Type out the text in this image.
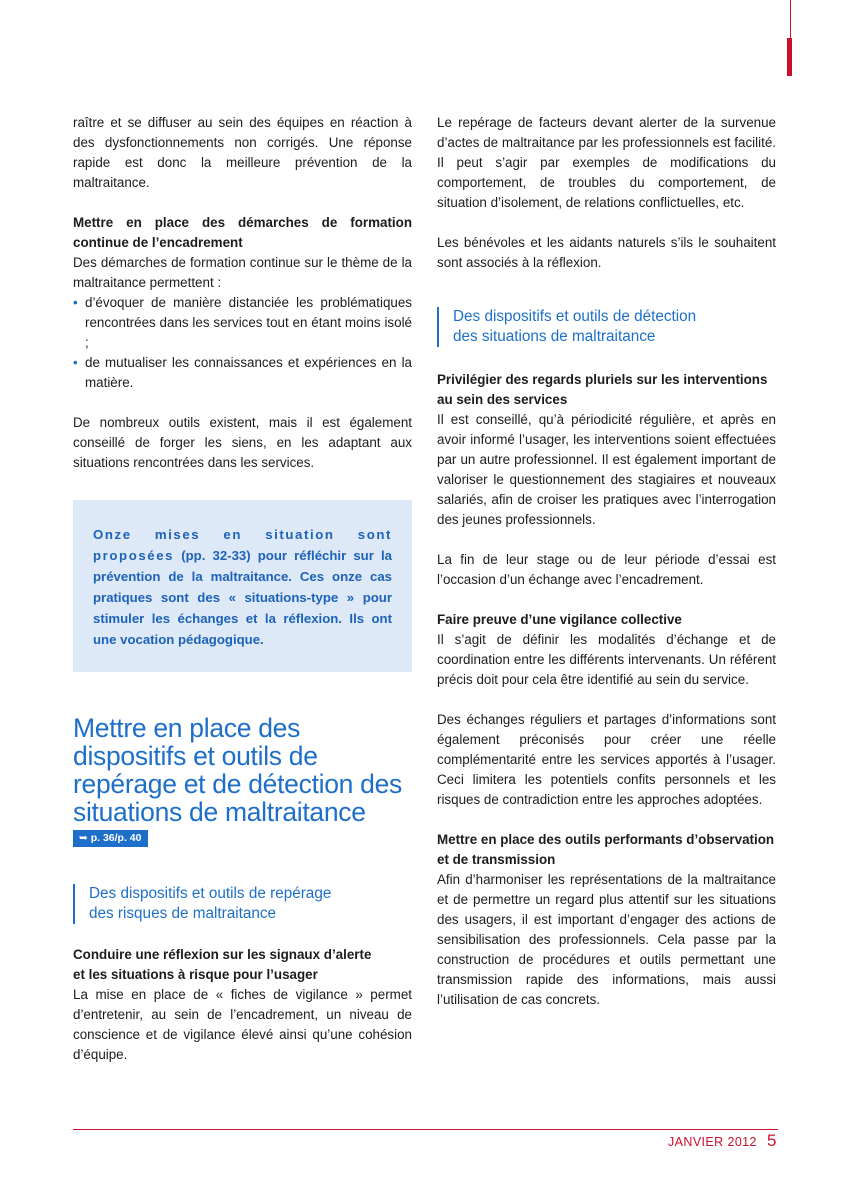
raître et se diffuser au sein des équipes en réaction à des dysfonctionnements non corrigés. Une réponse rapide est donc la meilleure prévention de la maltraitance.

Mettre en place des démarches de formation continue de l’encadrement

Des démarches de formation continue sur le thème de la maltraitance permettent :

• d’évoquer de manière distanciée les problématiques rencontrées dans les services tout en étant moins isolé ;
• de mutualiser les connaissances et expériences en la matière.

De nombreux outils existent, mais il est également conseillé de forger les siens, en les adaptant aux situations rencontrées dans les services.

Onze mises en situation sont proposées (pp. 32-33) pour réfléchir sur la prévention de la maltraitance. Ces onze cas pratiques sont des « situations-type » pour stimuler les échanges et la réflexion. Ils ont une vocation pédagogique.

Mettre en place des dispositifs et outils de repérage et de détection des situations de maltraitance
➥ p. 36/p. 40
Des dispositifs et outils de repérage
des risques de maltraitance

Conduire une réflexion sur les signaux d’alerte
et les situations à risque pour l’usager

La mise en place de « fiches de vigilance » permet d’entretenir, au sein de l’encadrement, un niveau de conscience et de vigilance élevé ainsi qu’une cohésion d’équipe.

Le repérage de facteurs devant alerter de la survenue d’actes de maltraitance par les professionnels est facilité. Il peut s’agir par exemples de modifications du comportement, de troubles du comportement, de situation d’isolement, de relations conflictuelles, etc.

Les bénévoles et les aidants naturels s’ils le souhaitent sont associés à la réflexion.

Des dispositifs et outils de détection
des situations de maltraitance

Privilégier des regards pluriels sur les interventions
au sein des services

Il est conseillé, qu’à périodicité régulière, et après en avoir informé l’usager, les interventions soient effectuées par un autre professionnel. Il est également important de valoriser le questionnement des stagiaires et nouveaux salariés, afin de croiser les pratiques avec l’interrogation des jeunes professionnels.

La fin de leur stage ou de leur période d’essai est l’occasion d’un échange avec l’encadrement.

Faire preuve d’une vigilance collective

Il s’agit de définir les modalités d’échange et de coordination entre les différents intervenants. Un référent précis doit pour cela être identifié au sein du service.

Des échanges réguliers et partages d’informations sont également préconisés pour créer une réelle complémentarité entre les services apportés à l’usager. Ceci limitera les potentiels confits personnels et les risques de contradiction entre les approches adoptées.

Mettre en place des outils performants d’observation
et de transmission

Afin d’harmoniser les représentations de la maltraitance et de permettre un regard plus attentif sur les situations des usagers, il est important d’engager des actions de sensibilisation des professionnels. Cela passe par la construction de procédures et outils permettant une transmission rapide des informations, mais aussi l’utilisation de cas concrets.

JANVIER 2012 5
